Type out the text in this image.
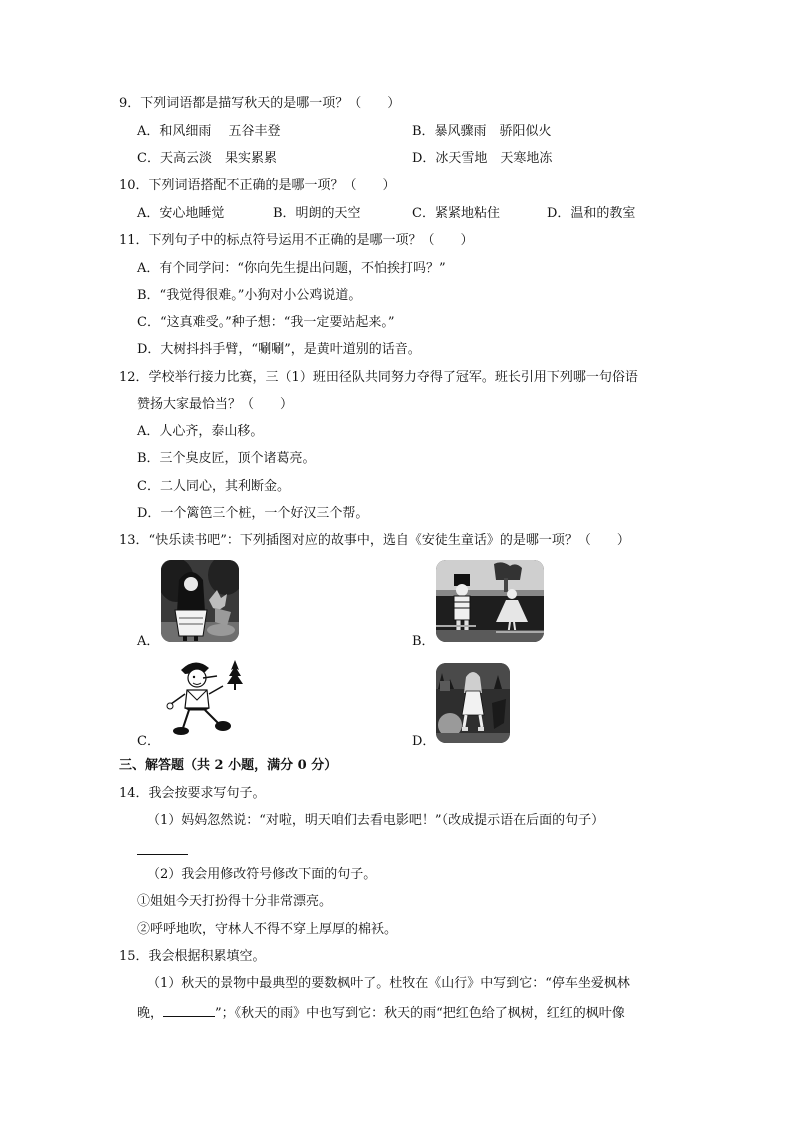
9．下列词语都是描写秋天的是哪一项？（　　）
A．和风细雨　 五谷丰登	B．暴风骤雨　骄阳似火
C．天高云淡　果实累累	D．冰天雪地　天寒地冻
10．下列词语搭配不正确的是哪一项？（　　）
A．安心地睡觉	B．明朗的天空	C．紧紧地粘住	D．温和的教室
11．下列句子中的标点符号运用不正确的是哪一项？（　　）
A．有个同学问：“你向先生提出问题，不怕挨打吗？”
B．“我觉得很难。”小狗对小公鸡说道。
C．“这真难受。”种子想：“我一定要站起来。”
D．大树抖抖手臂，“唰唰”，是黄叶道别的话音。
12．学校举行接力比赛，三（1）班田径队共同努力夺得了冠军。班长引用下列哪一句俗语
赞扬大家最恰当？（　　）
A．人心齐，泰山移。
B．三个臭皮匠，顶个诸葛亮。
C．二人同心，其利断金。
D．一个篱笆三个桩，一个好汉三个帮。
13．“快乐读书吧”：下列插图对应的故事中，选自《安徒生童话》的是哪一项？（　　）
A．	B．
C．	D．
三、解答题（共 2 小题，满分 0 分）
14．我会按要求写句子。
（1）妈妈忽然说：“对啦，明天咱们去看电影吧！”（改成提示语在后面的句子）
（2）我会用修改符号修改下面的句子。
①姐姐今天打扮得十分非常漂亮。
②呼呼地吹，守林人不得不穿上厚厚的棉袄。
15．我会根据积累填空。
（1）秋天的景物中最典型的要数枫叶了。杜牧在《山行》中写到它：“停车坐爱枫林
晚，	”；《秋天的雨》中也写到它：秋天的雨“把红色给了枫树，红红的枫叶像
